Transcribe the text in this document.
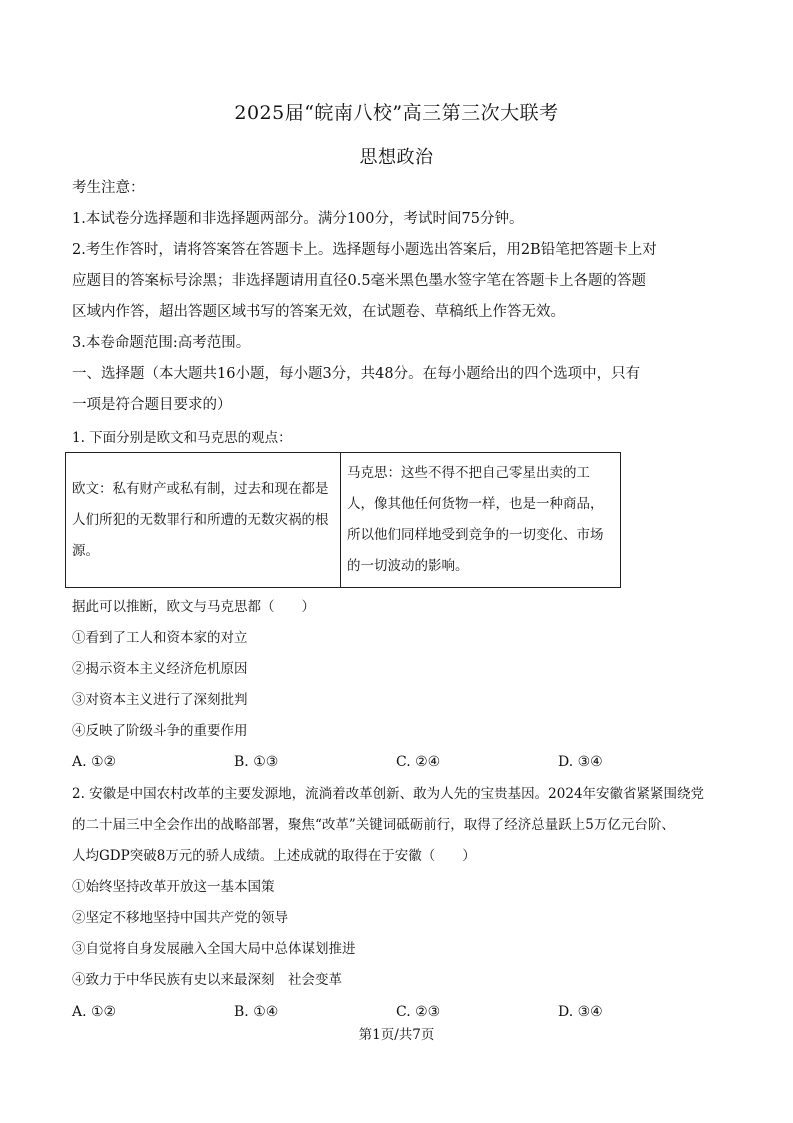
2025届“皖南八校”高三第三次大联考
思想政治
考生注意：
1.本试卷分选择题和非选择题两部分。满分100分，考试时间75分钟。
2.考生作答时，请将答案答在答题卡上。选择题每小题选出答案后，用2B铅笔把答题卡上对
应题目的答案标号涂黑；非选择题请用直径0.5毫米黑色墨水签字笔在答题卡上各题的答题
区域内作答，超出答题区域书写的答案无效，在试题卷、草稿纸上作答无效。
3.本卷命题范围:高考范围。
一、选择题（本大题共16小题，每小题3分，共48分。在每小题给出的四个选项中，只有
一项是符合题目要求的）
1. 下面分别是欧文和马克思的观点：
欧文：私有财产或私有制，过去和现在都是人们所犯的无数罪行和所遭的无数灾祸的根源。	马克思：这些不得不把自己零星出卖的工人，像其他任何货物一样，也是一种商品，所以他们同样地受到竞争的一切变化、市场的一切波动的影响。
据此可以推断，欧文与马克思都（　　）
①看到了工人和资本家的对立
②揭示资本主义经济危机原因
③对资本主义进行了深刻批判
④反映了阶级斗争的重要作用
A. ①②	B. ①③	C. ②④	D. ③④
2. 安徽是中国农村改革的主要发源地，流淌着改革创新、敢为人先的宝贵基因。2024年安徽省紧紧围绕党
的二十届三中全会作出的战略部署，聚焦“改革”关键词砥砺前行，取得了经济总量跃上5万亿元台阶、
人均GDP突破8万元的骄人成绩。上述成就的取得在于安徽（　　）
①始终坚持改革开放这一基本国策
②坚定不移地坚持中国共产党的领导
③自觉将自身发展融入全国大局中总体谋划推进
④致力于中华民族有史以来最深刻　社会变革
A. ①②	B. ①④	C. ②③	D. ③④
第1页/共7页
